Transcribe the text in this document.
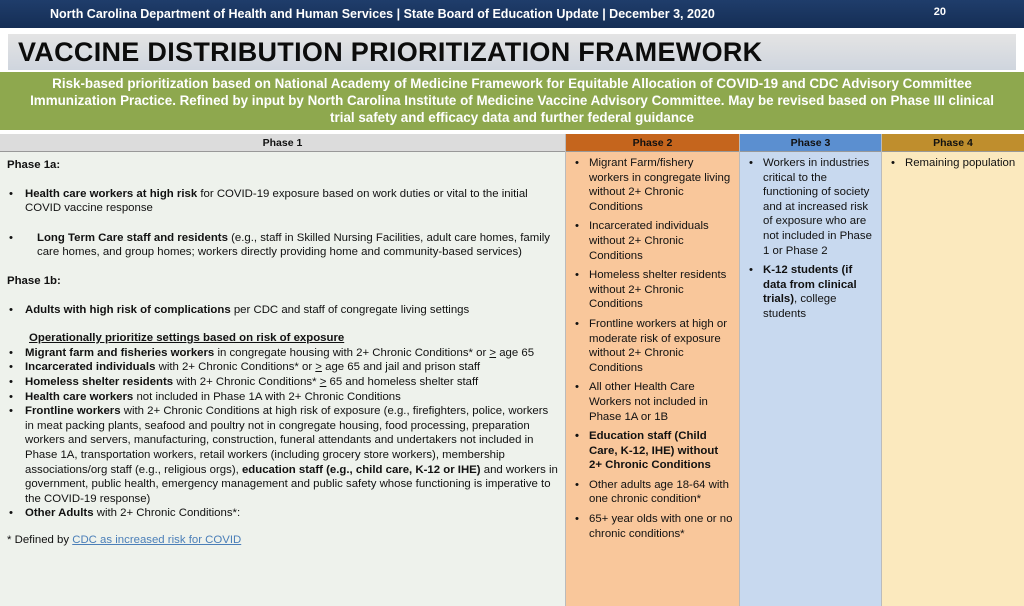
North Carolina Department of Health and Human Services | State Board of Education Update | December 3, 2020	20
VACCINE DISTRIBUTION PRIORITIZATION FRAMEWORK
Risk-based prioritization based on National Academy of Medicine Framework for Equitable Allocation of COVID-19 and CDC Advisory Committee Immunization Practice. Refined by input by North Carolina Institute of Medicine Vaccine Advisory Committee. May be revised based on Phase III clinical trial safety and efficacy data and further federal guidance
Phase 1
Phase 1a:
• Health care workers at high risk for COVID-19 exposure based on work duties or vital to the initial COVID vaccine response
• Long Term Care staff and residents (e.g., staff in Skilled Nursing Facilities, adult care homes, family care homes, and group homes; workers directly providing home and community-based services)
Phase 1b:
• Adults with high risk of complications per CDC and staff of congregate living settings
Operationally prioritize settings based on risk of exposure
• Migrant farm and fisheries workers in congregate housing with 2+ Chronic Conditions* or > age 65
• Incarcerated individuals with 2+ Chronic Conditions* or > age 65 and jail and prison staff
• Homeless shelter residents with 2+ Chronic Conditions* ≥ 65 and homeless shelter staff
• Health care workers not included in Phase 1A with 2+ Chronic Conditions
• Frontline workers with 2+ Chronic Conditions at high risk of exposure (e.g., firefighters, police, workers in meat packing plants, seafood and poultry not in congregate housing, food processing, preparation workers and servers, manufacturing, construction, funeral attendants and undertakers not included in Phase 1A, transportation workers, retail workers (including grocery store workers), membership associations/org staff (e.g., religious orgs), education staff (e.g., child care, K-12 or IHE) and workers in government, public health, emergency management and public safety whose functioning is imperative to the COVID-19 response)
• Other Adults with 2+ Chronic Conditions*:
* Defined by CDC as increased risk for COVID
Phase 2
• Migrant Farm/fishery workers in congregate living without 2+ Chronic Conditions
• Incarcerated individuals without 2+ Chronic Conditions
• Homeless shelter residents without 2+ Chronic Conditions
• Frontline workers at high or moderate risk of exposure without 2+ Chronic Conditions
• All other Health Care Workers not included in Phase 1A or 1B
• Education staff (Child Care, K-12, IHE) without 2+ Chronic Conditions
• Other adults age 18-64 with one chronic condition*
• 65+ year olds with one or no chronic conditions*
Phase 3
• Workers in industries critical to the functioning of society and at increased risk of exposure who are not included in Phase 1 or Phase 2
• K-12 students (if data from clinical trials), college students
Phase 4
• Remaining population
